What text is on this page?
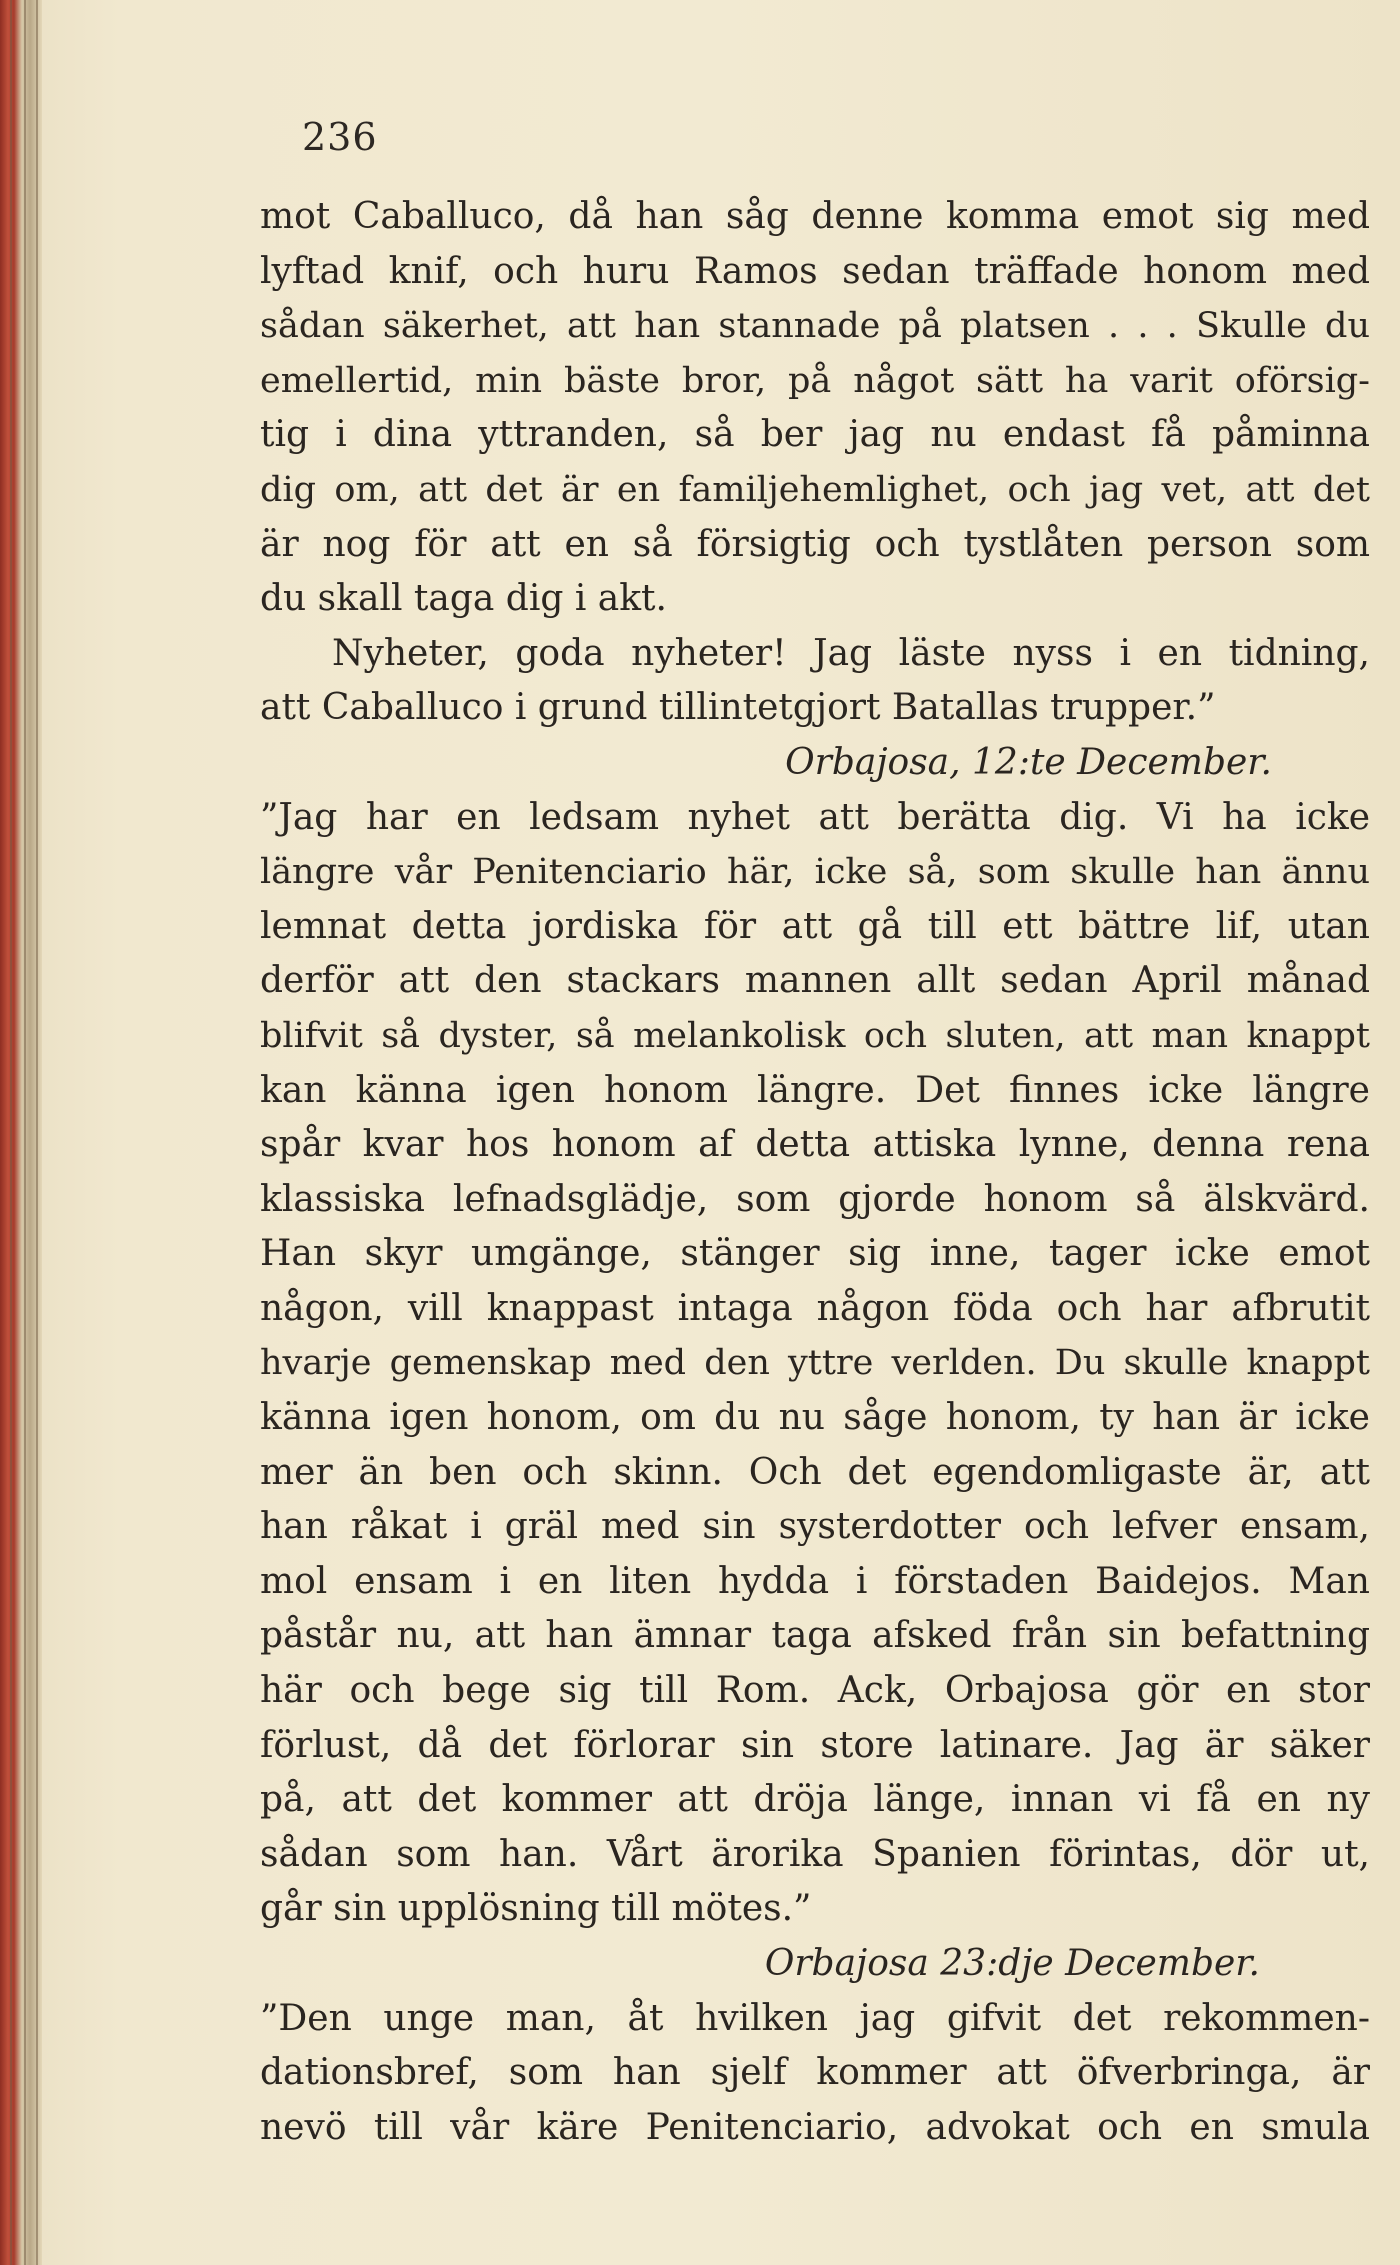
236
mot Caballuco, då han såg denne komma emot sig med
lyftad knif, och huru Ramos sedan träffade honom med
sådan säkerhet, att han stannade på platsen . . . Skulle du
emellertid, min bäste bror, på något sätt ha varit oförsig-
tig i dina yttranden, så ber jag nu endast få påminna
dig om, att det är en familjehemlighet, och jag vet, att det
är nog för att en så försigtig och tystlåten person som
du skall taga dig i akt.
Nyheter, goda nyheter! Jag läste nyss i en tidning,
att Caballuco i grund tillintetgjort Batallas trupper.”
Orbajosa, 12:te December.
”Jag har en ledsam nyhet att berätta dig. Vi ha icke
längre vår Penitenciario här, icke så, som skulle han ännu
lemnat detta jordiska för att gå till ett bättre lif, utan
derför att den stackars mannen allt sedan April månad
blifvit så dyster, så melankolisk och sluten, att man knappt
kan känna igen honom längre. Det finnes icke längre
spår kvar hos honom af detta attiska lynne, denna rena
klassiska lefnadsglädje, som gjorde honom så älskvärd.
Han skyr umgänge, stänger sig inne, tager icke emot
någon, vill knappast intaga någon föda och har afbrutit
hvarje gemenskap med den yttre verlden. Du skulle knappt
känna igen honom, om du nu såge honom, ty han är icke
mer än ben och skinn. Och det egendomligaste är, att
han råkat i gräl med sin systerdotter och lefver ensam,
mol ensam i en liten hydda i förstaden Baidejos. Man
påstår nu, att han ämnar taga afsked från sin befattning
här och bege sig till Rom. Ack, Orbajosa gör en stor
förlust, då det förlorar sin store latinare. Jag är säker
på, att det kommer att dröja länge, innan vi få en ny
sådan som han. Vårt ärorika Spanien förintas, dör ut,
går sin upplösning till mötes.”
Orbajosa 23:dje December.
”Den unge man, åt hvilken jag gifvit det rekommen-
dationsbref, som han sjelf kommer att öfverbringa, är
nevö till vår käre Penitenciario, advokat och en smula
